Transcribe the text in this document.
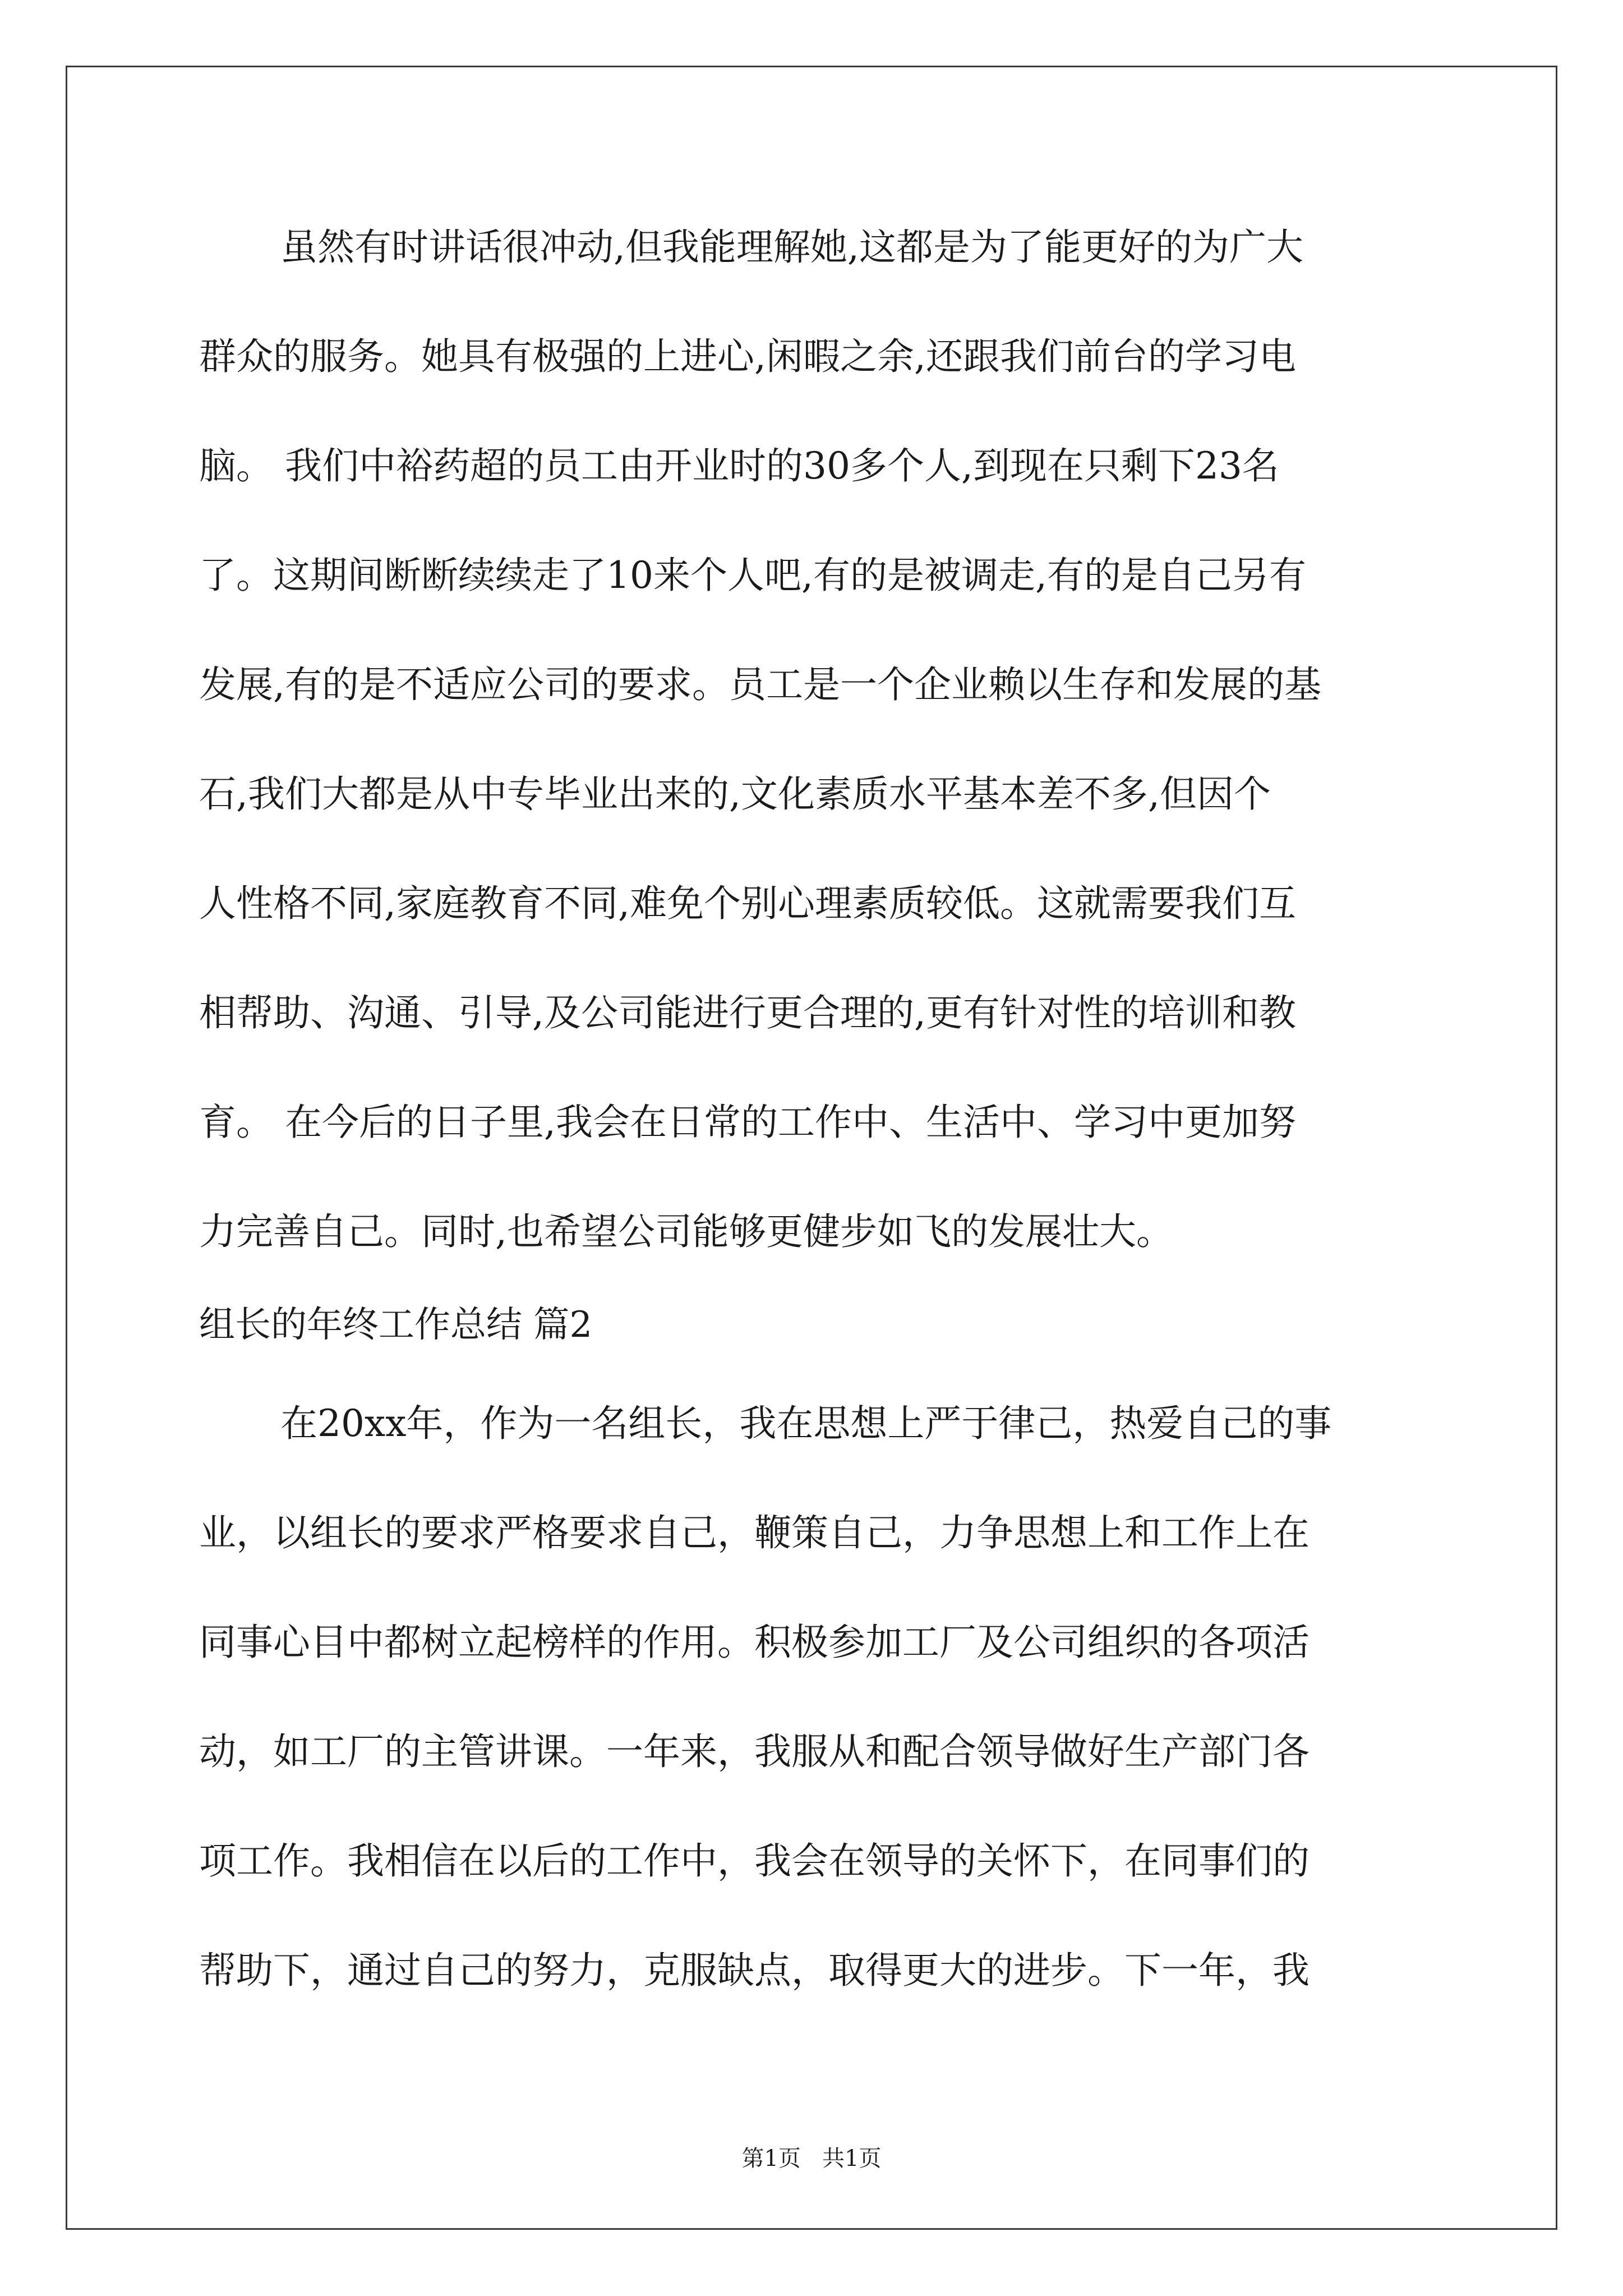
虽然有时讲话很冲动,但我能理解她,这都是为了能更好的为广大
群众的服务。她具有极强的上进心,闲暇之余,还跟我们前台的学习电
脑。 我们中裕药超的员工由开业时的30多个人,到现在只剩下23名
了。这期间断断续续走了10来个人吧,有的是被调走,有的是自己另有
发展,有的是不适应公司的要求。员工是一个企业赖以生存和发展的基
石,我们大都是从中专毕业出来的,文化素质水平基本差不多,但因个
人性格不同,家庭教育不同,难免个别心理素质较低。这就需要我们互
相帮助、沟通、引导,及公司能进行更合理的,更有针对性的培训和教
育。 在今后的日子里,我会在日常的工作中、生活中、学习中更加努
力完善自己。同时,也希望公司能够更健步如飞的发展壮大。
组长的年终工作总结 篇2
在20xx年，作为一名组长，我在思想上严于律己，热爱自己的事
业，以组长的要求严格要求自己，鞭策自己，力争思想上和工作上在
同事心目中都树立起榜样的作用。积极参加工厂及公司组织的各项活
动，如工厂的主管讲课。一年来，我服从和配合领导做好生产部门各
项工作。我相信在以后的工作中，我会在领导的关怀下，在同事们的
帮助下，通过自己的努力，克服缺点，取得更大的进步。下一年，我
第1页   共1页
